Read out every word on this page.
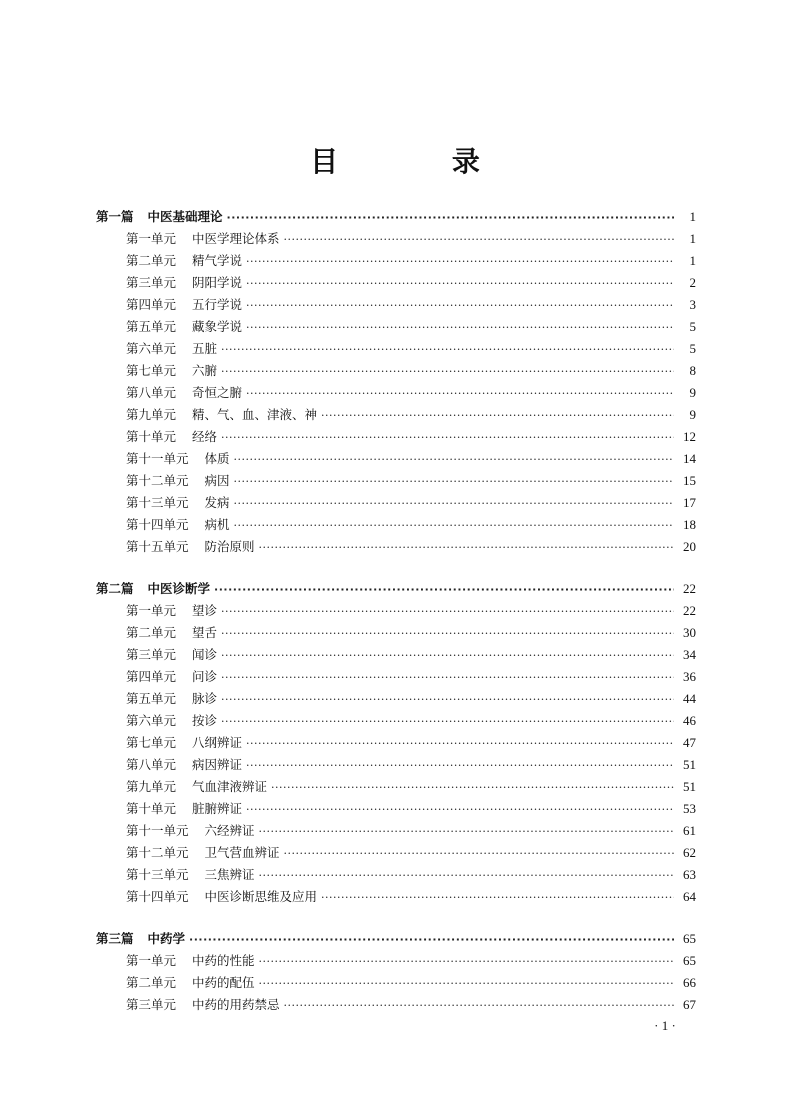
目 录
第一篇 中医基础理论 ·····	1
第一单元 中医学理论体系 ·····	1
第二单元 精气学说 ·····	1
第三单元 阴阳学说 ·····	2
第四单元 五行学说 ·····	3
第五单元 藏象学说 ·····	5
第六单元 五脏 ·····	5
第七单元 六腑 ·····	8
第八单元 奇恒之腑 ·····	9
第九单元 精、气、血、津液、神 ·····	9
第十单元 经络 ·····	12
第十一单元 体质 ·····	14
第十二单元 病因 ·····	15
第十三单元 发病 ·····	17
第十四单元 病机 ·····	18
第十五单元 防治原则 ·····	20
第二篇 中医诊断学 ·····	22
第一单元 望诊 ·····	22
第二单元 望舌 ·····	30
第三单元 闻诊 ·····	34
第四单元 问诊 ·····	36
第五单元 脉诊 ·····	44
第六单元 按诊 ·····	46
第七单元 八纲辨证 ·····	47
第八单元 病因辨证 ·····	51
第九单元 气血津液辨证 ·····	51
第十单元 脏腑辨证 ·····	53
第十一单元 六经辨证 ·····	61
第十二单元 卫气营血辨证 ·····	62
第十三单元 三焦辨证 ·····	63
第十四单元 中医诊断思维及应用 ·····	64
第三篇 中药学 ·····	65
第一单元 中药的性能 ·····	65
第二单元 中药的配伍 ·····	66
第三单元 中药的用药禁忌 ·····	67
· 1 ·
